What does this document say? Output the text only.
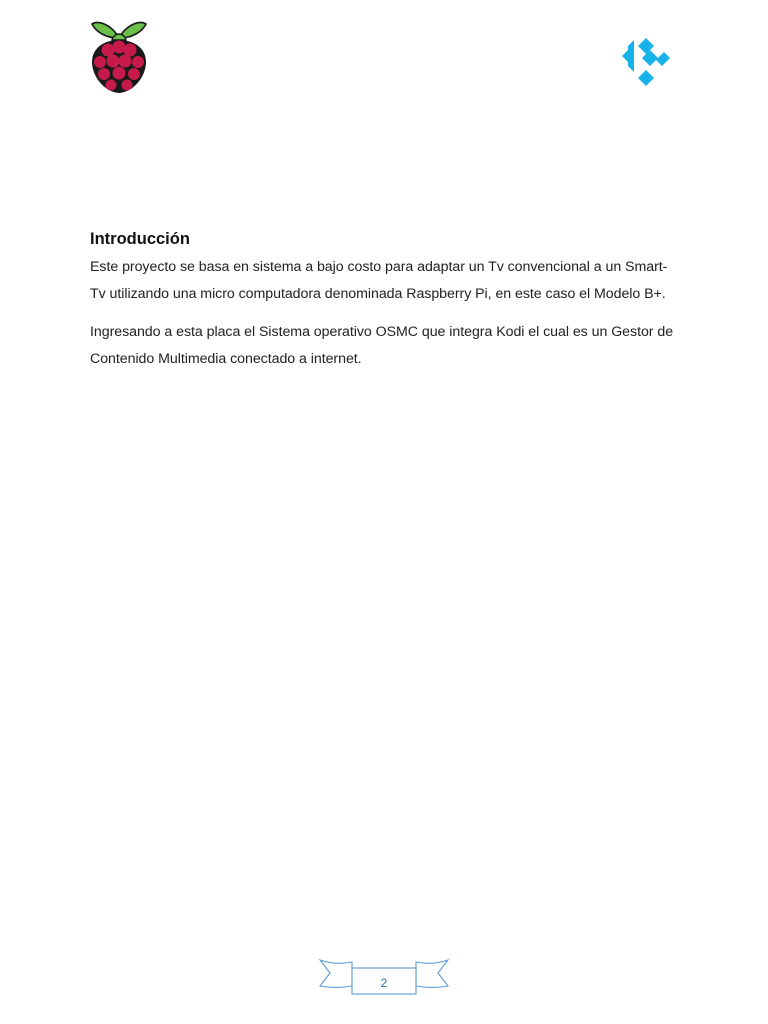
Introducción

Este proyecto se basa en sistema a bajo costo para adaptar un Tv convencional a un Smart-Tv utilizando una micro computadora denominada Raspberry Pi, en este caso el Modelo B+.

Ingresando a esta placa el Sistema operativo OSMC que integra Kodi el cual es un Gestor de Contenido Multimedia conectado a internet.

2
